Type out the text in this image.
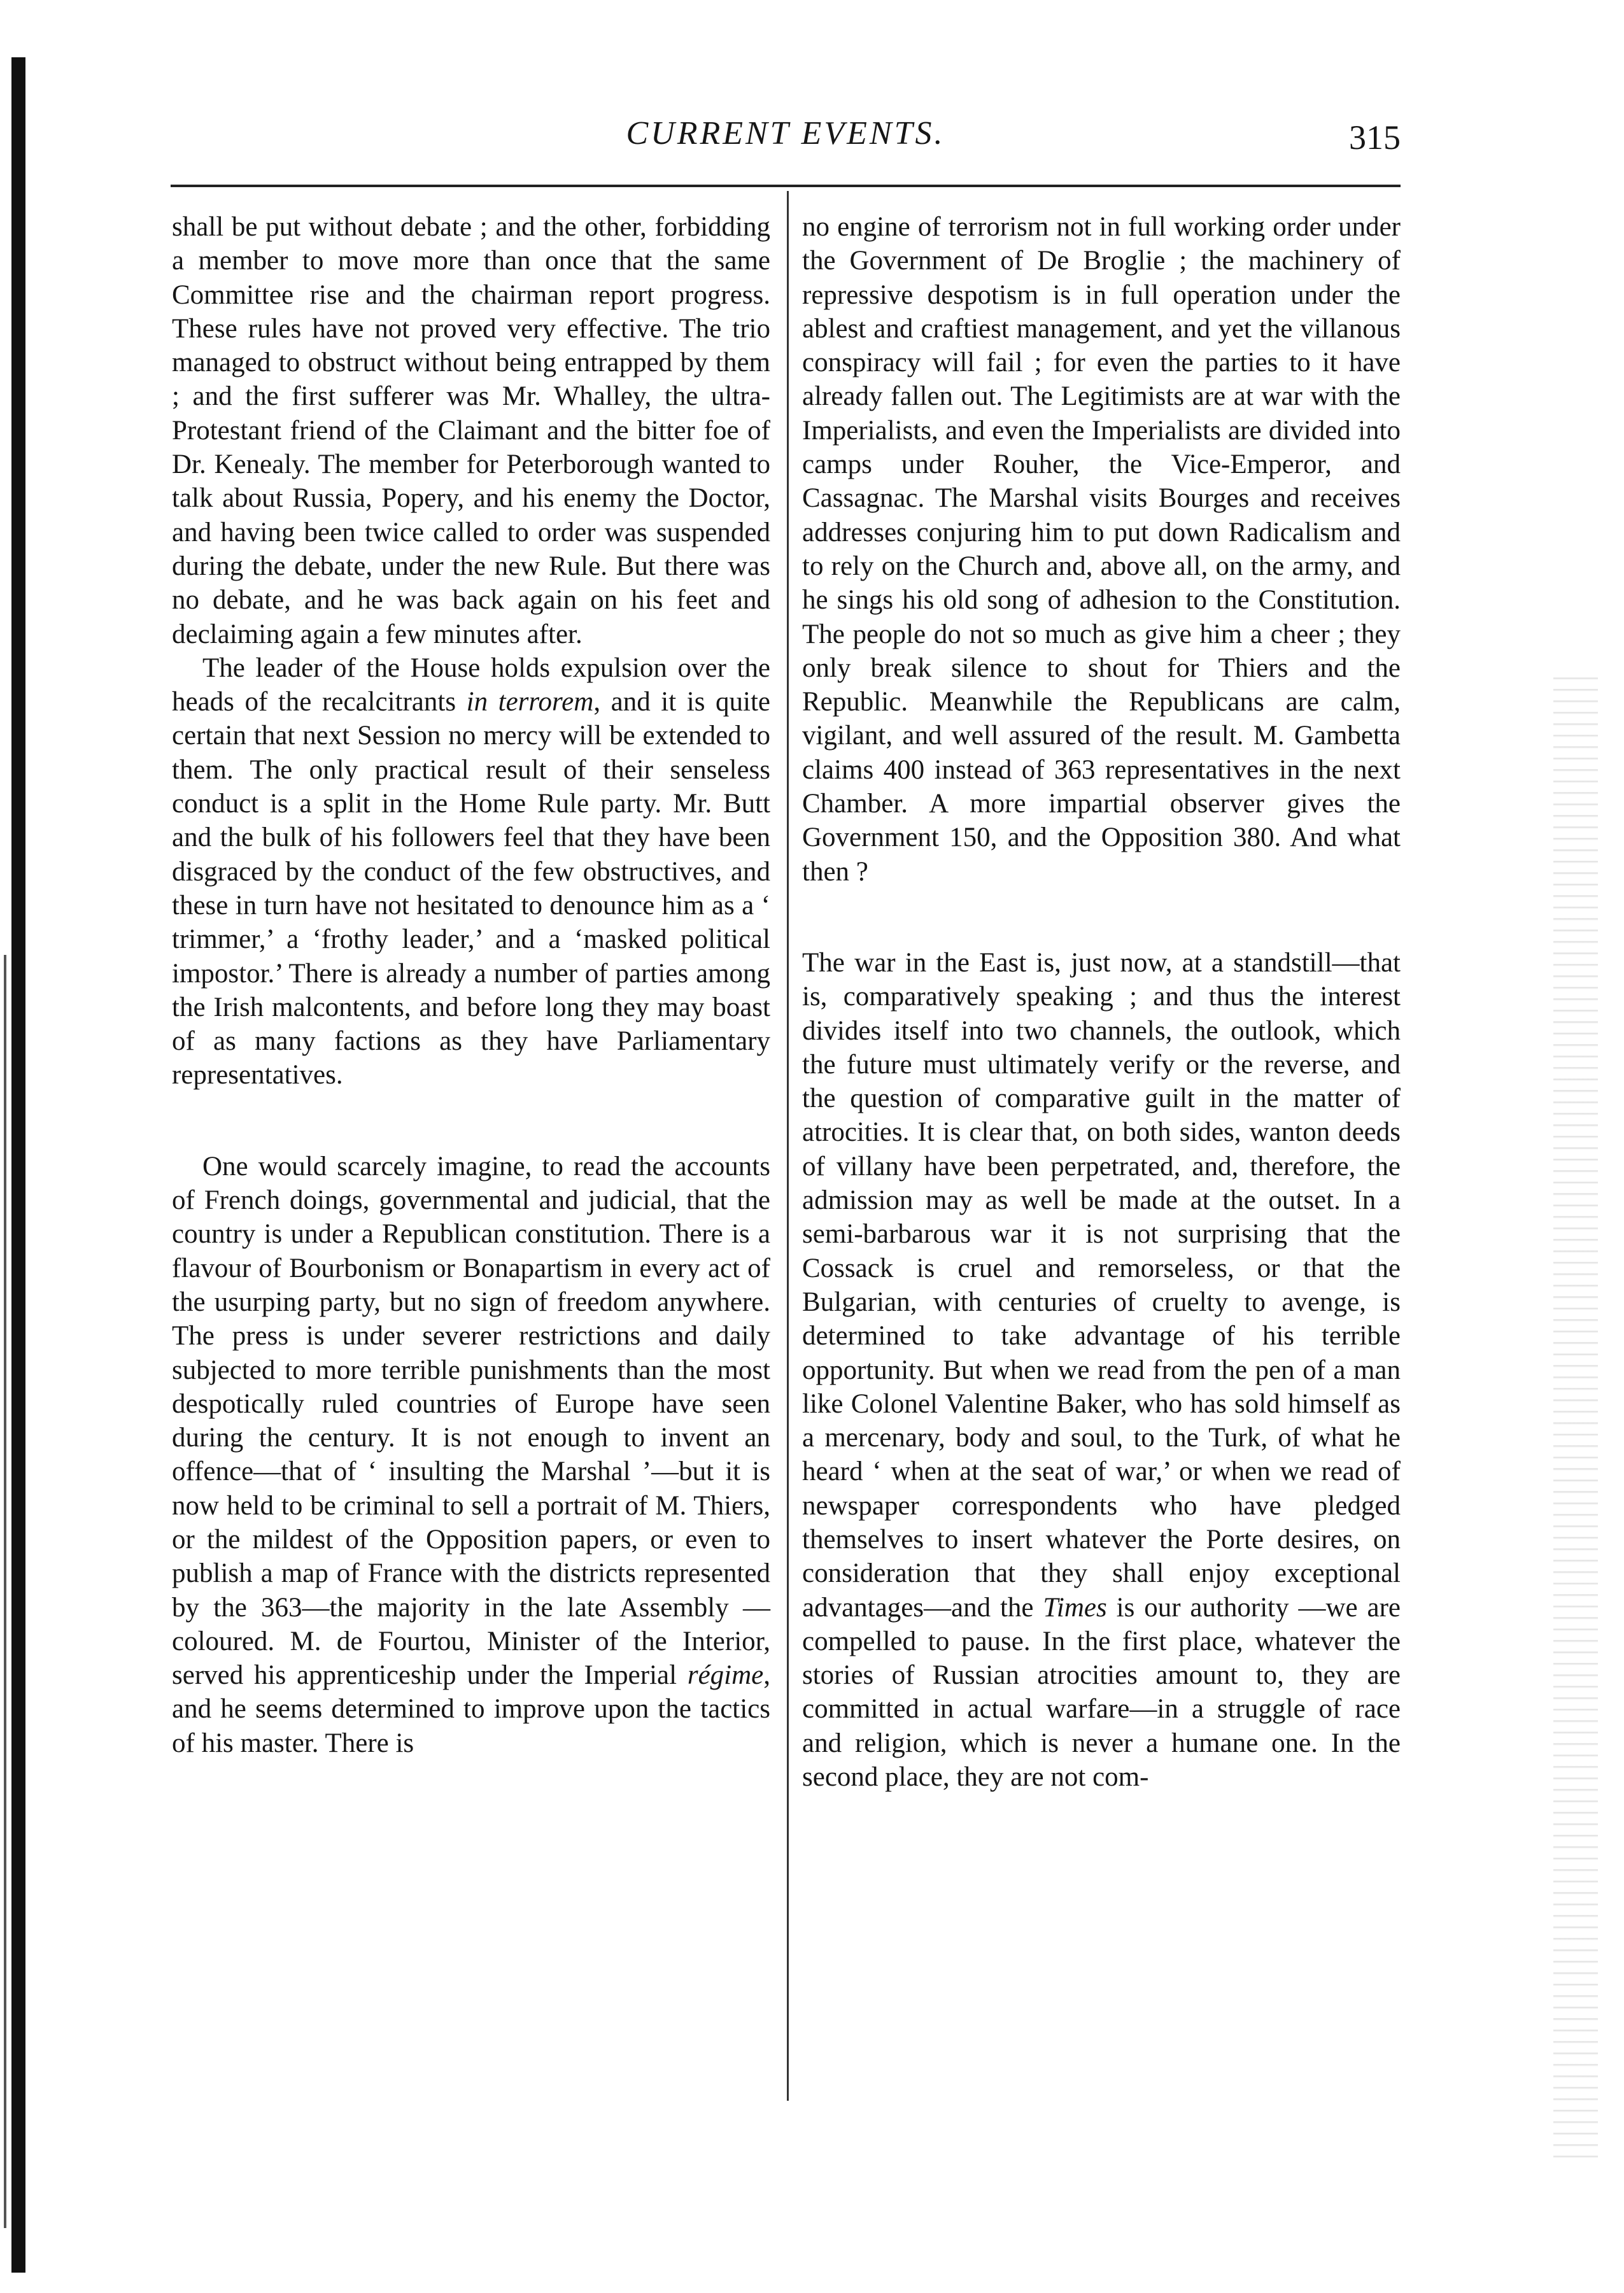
CURRENT EVENTS.	315

shall be put without debate ; and the other, forbidding a member to move more than once that the same Committee rise and the chairman report progress. These rules have not proved very effective. The trio managed to obstruct without being entrapped by them ; and the first sufferer was Mr. Whalley, the ultra-Protestant friend of the Claimant and the bitter foe of Dr. Kenealy. The member for Peterborough wanted to talk about Russia, Popery, and his enemy the Doctor, and having been twice called to order was suspended during the debate, under the new Rule. But there was no debate, and he was back again on his feet and declaiming again a few minutes after.

The leader of the House holds expulsion over the heads of the recalcitrants in terrorem, and it is quite certain that next Session no mercy will be extended to them. The only practical result of their senseless conduct is a split in the Home Rule party. Mr. Butt and the bulk of his followers feel that they have been disgraced by the conduct of the few obstructives, and these in turn have not hesitated to denounce him as a ‘ trimmer,’ a ‘frothy leader,’ and a ‘masked political impostor.’ There is already a number of parties among the Irish malcontents, and before long they may boast of as many factions as they have Parliamentary representatives.

One would scarcely imagine, to read the accounts of French doings, governmental and judicial, that the country is under a Republican constitution. There is a flavour of Bourbonism or Bonapartism in every act of the usurping party, but no sign of freedom anywhere. The press is under severer restrictions and daily subjected to more terrible punishments than the most despotically ruled countries of Europe have seen during the century. It is not enough to invent an offence—that of ‘ insulting the Marshal ’—but it is now held to be criminal to sell a portrait of M. Thiers, or the mildest of the Opposition papers, or even to publish a map of France with the districts represented by the 363—the majority in the late Assembly — coloured. M. de Fourtou, Minister of the Interior, served his apprenticeship under the Imperial régime, and he seems determined to improve upon the tactics of his master. There is

no engine of terrorism not in full working order under the Government of De Broglie ; the machinery of repressive despotism is in full operation under the ablest and craftiest management, and yet the villanous conspiracy will fail ; for even the parties to it have already fallen out. The Legitimists are at war with the Imperialists, and even the Imperialists are divided into camps under Rouher, the Vice-Emperor, and Cassagnac. The Marshal visits Bourges and receives addresses conjuring him to put down Radicalism and to rely on the Church and, above all, on the army, and he sings his old song of adhesion to the Constitution. The people do not so much as give him a cheer ; they only break silence to shout for Thiers and the Republic. Meanwhile the Republicans are calm, vigilant, and well assured of the result. M. Gambetta claims 400 instead of 363 representatives in the next Chamber. A more impartial observer gives the Government 150, and the Opposition 380. And what then ?

The war in the East is, just now, at a standstill—that is, comparatively speaking ; and thus the interest divides itself into two channels, the outlook, which the future must ultimately verify or the reverse, and the question of comparative guilt in the matter of atrocities. It is clear that, on both sides, wanton deeds of villany have been perpetrated, and, therefore, the admission may as well be made at the outset. In a semi-barbarous war it is not surprising that the Cossack is cruel and remorseless, or that the Bulgarian, with centuries of cruelty to avenge, is determined to take advantage of his terrible opportunity. But when we read from the pen of a man like Colonel Valentine Baker, who has sold himself as a mercenary, body and soul, to the Turk, of what he heard ‘ when at the seat of war,’ or when we read of newspaper correspondents who have pledged themselves to insert whatever the Porte desires, on consideration that they shall enjoy exceptional advantages—and the Times is our authority —we are compelled to pause. In the first place, whatever the stories of Russian atrocities amount to, they are committed in actual warfare—in a struggle of race and religion, which is never a humane one. In the second place, they are not com-
